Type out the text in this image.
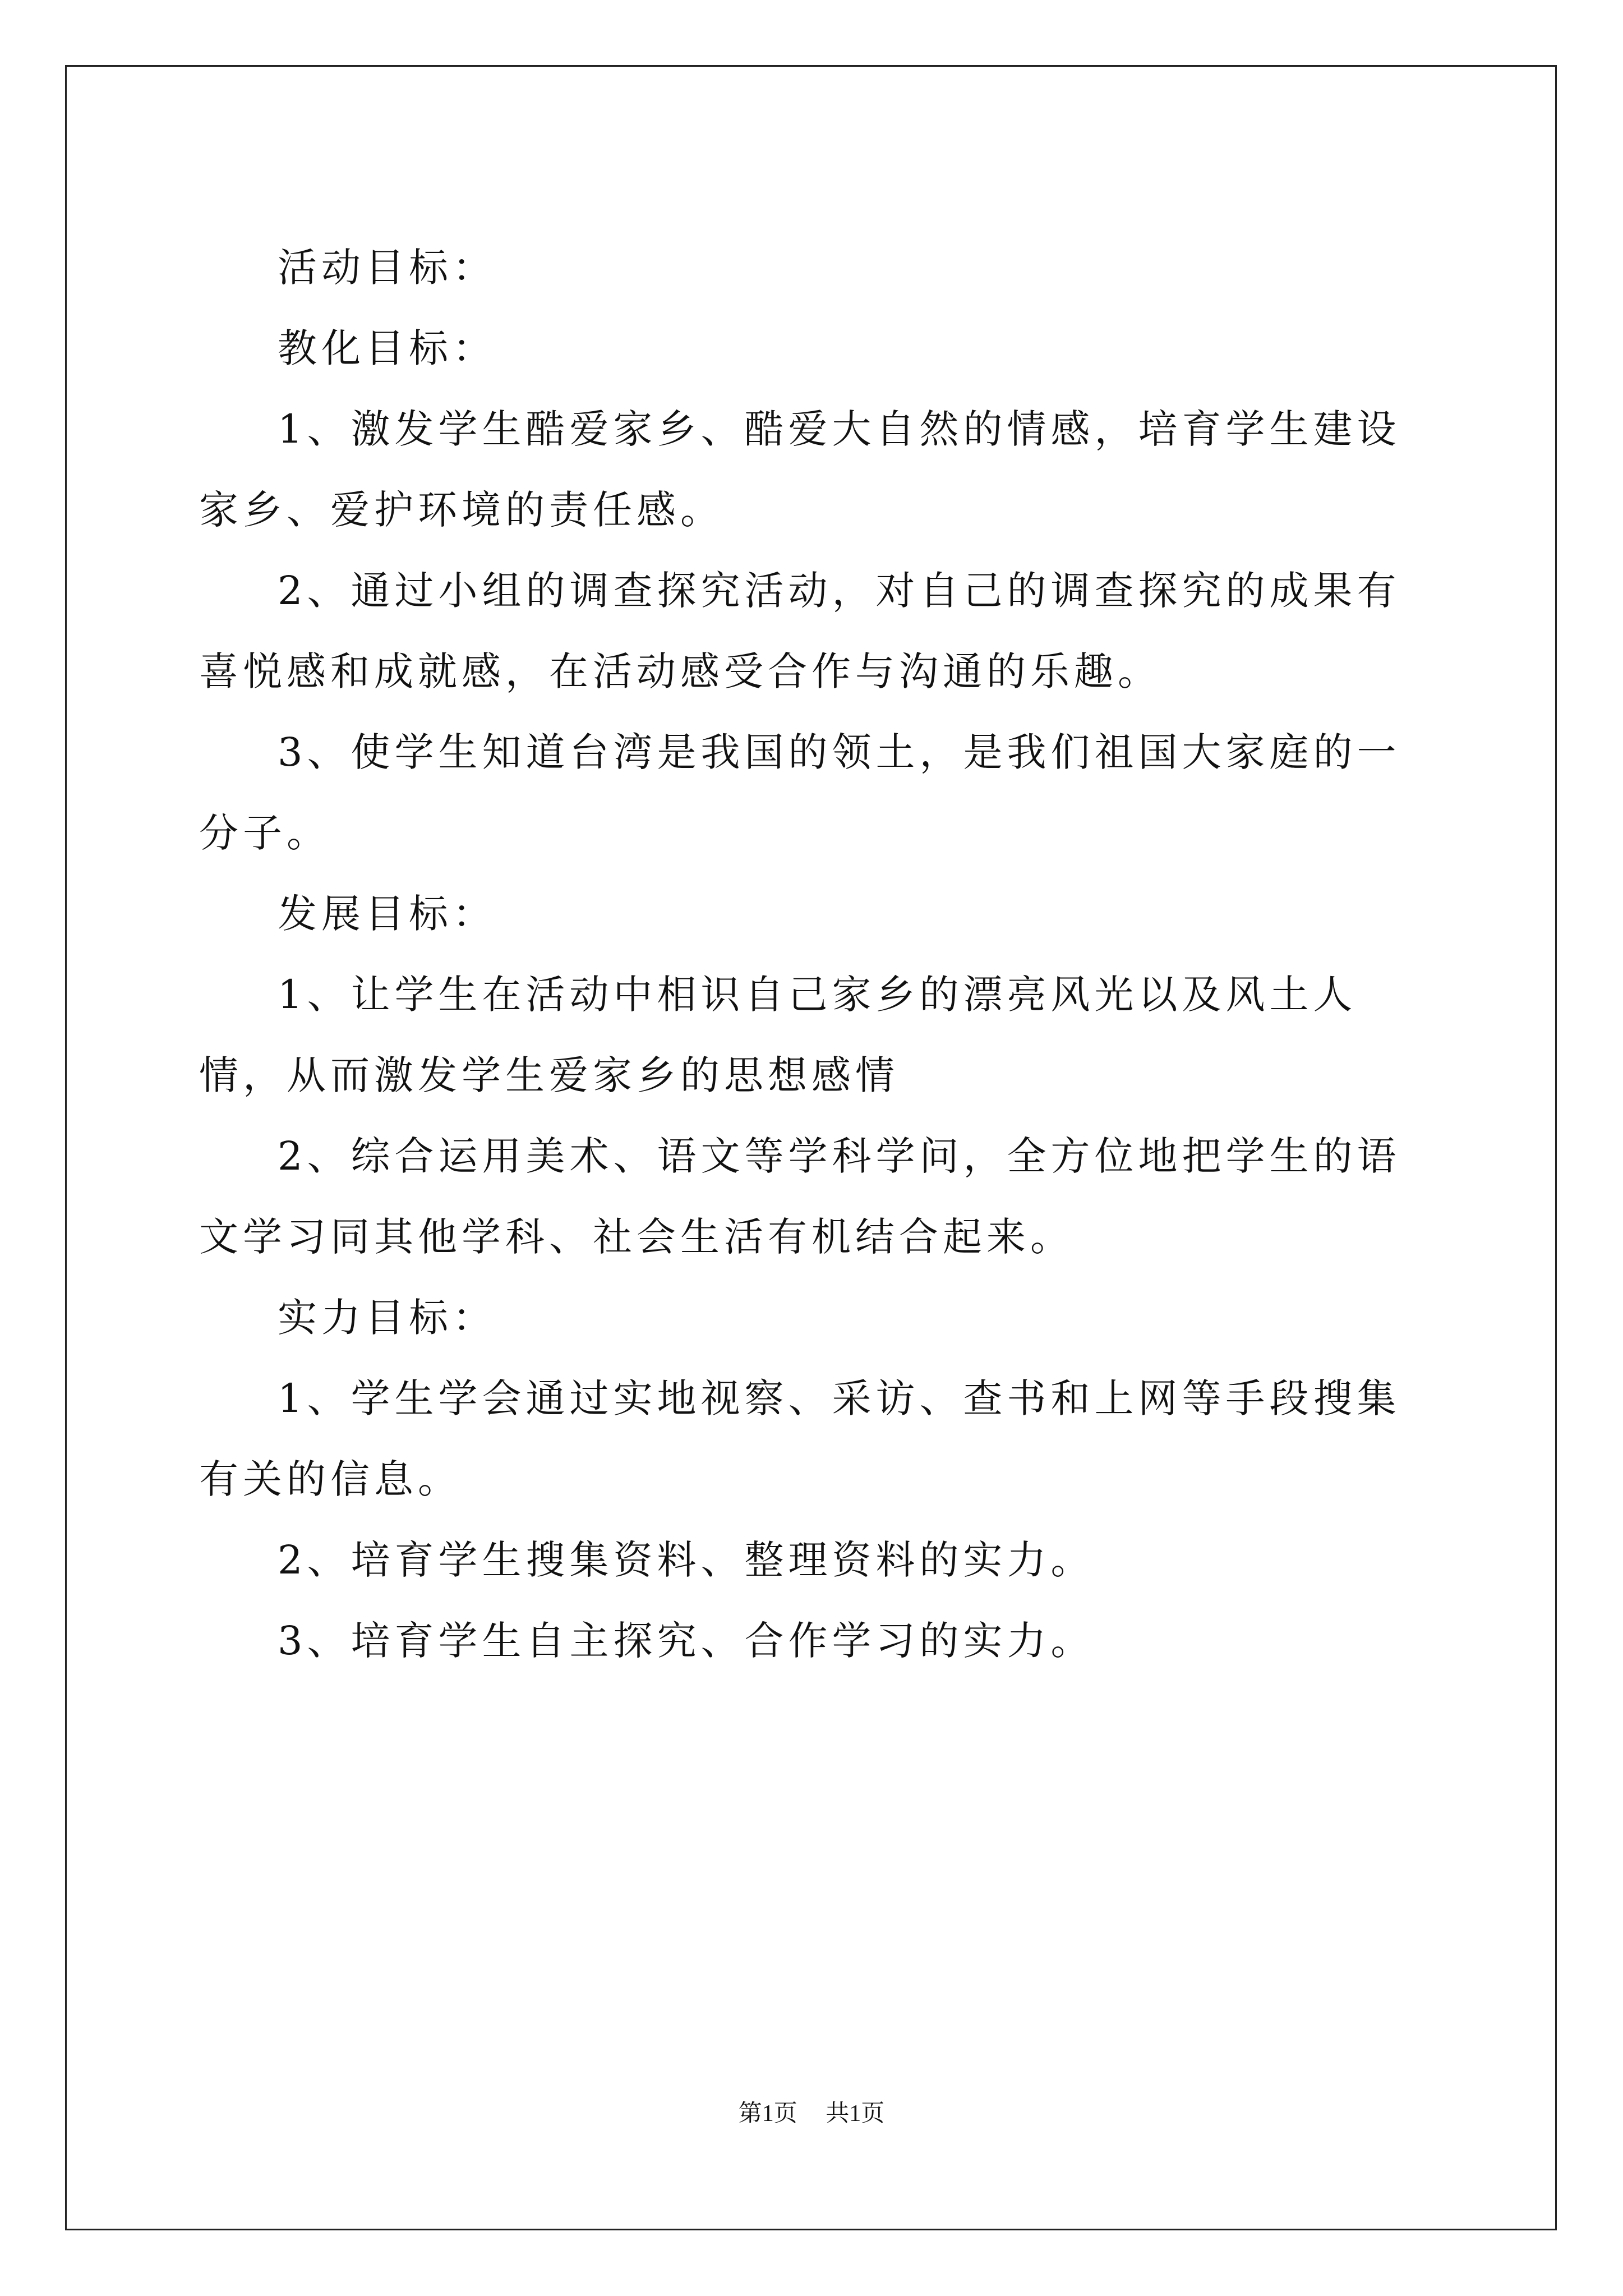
活动目标：

教化目标：

1、激发学生酷爱家乡、酷爱大自然的情感，培育学生建设家乡、爱护环境的责任感。

2、通过小组的调查探究活动，对自己的调查探究的成果有喜悦感和成就感，在活动感受合作与沟通的乐趣。

3、使学生知道台湾是我国的领土，是我们祖国大家庭的一分子。

发展目标：

1、让学生在活动中相识自己家乡的漂亮风光以及风土人情，从而激发学生爱家乡的思想感情

2、综合运用美术、语文等学科学问，全方位地把学生的语文学习同其他学科、社会生活有机结合起来。

实力目标：

1、学生学会通过实地视察、采访、查书和上网等手段搜集有关的信息。

2、培育学生搜集资料、整理资料的实力。

3、培育学生自主探究、合作学习的实力。

第1页 共1页
